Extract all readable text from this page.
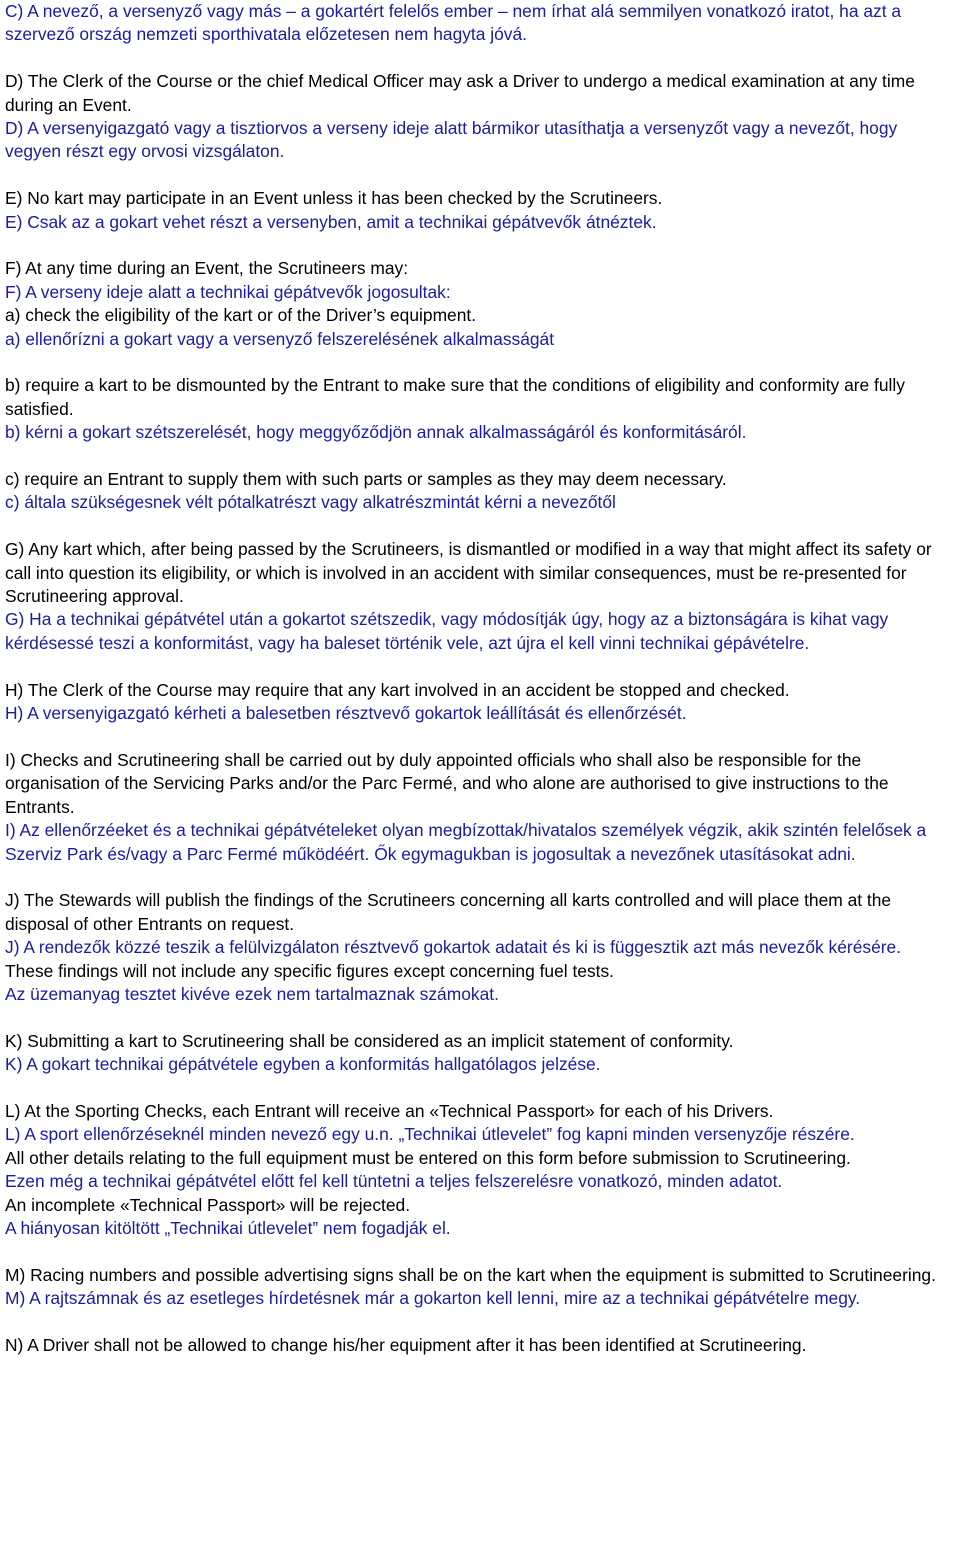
C) A nevező, a versenyző vagy más – a gokartért felelős ember – nem írhat alá semmilyen vonatkozó iratot, ha azt a szervező ország nemzeti sporthivatala előzetesen nem hagyta jóvá.
D) The Clerk of the Course or the chief Medical Officer may ask a Driver to undergo a medical examination at any time during an Event.
D) A versenyigazgató vagy a tisztiorvos a verseny ideje alatt bármikor utasíthatja a versenyzőt vagy a nevezőt, hogy vegyen részt egy orvosi vizsgálaton.
E) No kart may participate in an Event unless it has been checked by the Scrutineers.
E) Csak az a gokart vehet részt a versenyben, amit a technikai gépátvevők átnéztek.
F) At any time during an Event, the Scrutineers may:
F) A verseny ideje alatt a technikai gépátvevők jogosultak:
a) check the eligibility of the kart or of the Driver’s equipment.
a) ellenőrízni a gokart vagy a versenyző felszerelésének alkalmasságát
b) require a kart to be dismounted by the Entrant to make sure that the conditions of eligibility and conformity are fully satisfied.
b) kérni a gokart szétszerelését, hogy meggyőződjön annak alkalmasságáról és konformitásáról.
c) require an Entrant to supply them with such parts or samples as they may deem necessary.
c) általa szükségesnek vélt pótalkatrészt vagy alkatrészmintát kérni a nevezőtől
G) Any kart which, after being passed by the Scrutineers, is dismantled or modified in a way that might affect its safety or call into question its eligibility, or which is involved in an accident with similar consequences, must be re-presented for Scrutineering approval.
G) Ha a technikai gépátvétel után a gokartot szétszedik, vagy módosítják úgy, hogy az a biztonságára is kihat vagy kérdésessé teszi a konformitást, vagy ha baleset történik vele, azt újra el kell vinni technikai gépávételre.
H) The Clerk of the Course may require that any kart involved in an accident be stopped and checked.
H) A versenyigazgató kérheti a balesetben résztvevő gokartok leállítását és ellenőrzését.
I) Checks and Scrutineering shall be carried out by duly appointed officials who shall also be responsible for the organisation of the Servicing Parks and/or the Parc Fermé, and who alone are authorised to give instructions to the Entrants.
I) Az ellenőrzéeket és a technikai gépátvételeket olyan megbízottak/hivatalos személyek végzik, akik szintén felelősek a Szerviz Park és/vagy a Parc Fermé működéért. Ők egymagukban is jogosultak a nevezőnek utasításokat adni.
J) The Stewards will publish the findings of the Scrutineers concerning all karts controlled and will place them at the disposal of other Entrants on request.
J) A rendezők közzé teszik a felülvizgálaton résztvevő gokartok adatait és ki is függesztik azt más nevezők kérésére.
These findings will not include any specific figures except concerning fuel tests.
Az üzemanyag tesztet kivéve ezek nem tartalmaznak számokat.
K) Submitting a kart to Scrutineering shall be considered as an implicit statement of conformity.
K) A gokart technikai gépátvétele egyben a konformitás hallgatólagos jelzése.
L) At the Sporting Checks, each Entrant will receive an «Technical Passport» for each of his Drivers.
L) A sport ellenőrzéseknél minden nevező egy u.n. „Technikai útlevelet” fog kapni minden versenyzője részére.
All other details relating to the full equipment must be entered on this form before submission to Scrutineering.
Ezen még a technikai gépátvétel előtt fel kell tüntetni a teljes felszerelésre vonatkozó, minden adatot.
An incomplete «Technical Passport» will be rejected.
A hiányosan kitöltött „Technikai útlevelet” nem fogadják el.
M) Racing numbers and possible advertising signs shall be on the kart when the equipment is submitted to Scrutineering.
M) A rajtszámnak és az esetleges hírdetésnek már a gokarton kell lenni, mire az a technikai gépátvételre megy.
N) A Driver shall not be allowed to change his/her equipment after it has been identified at Scrutineering.
